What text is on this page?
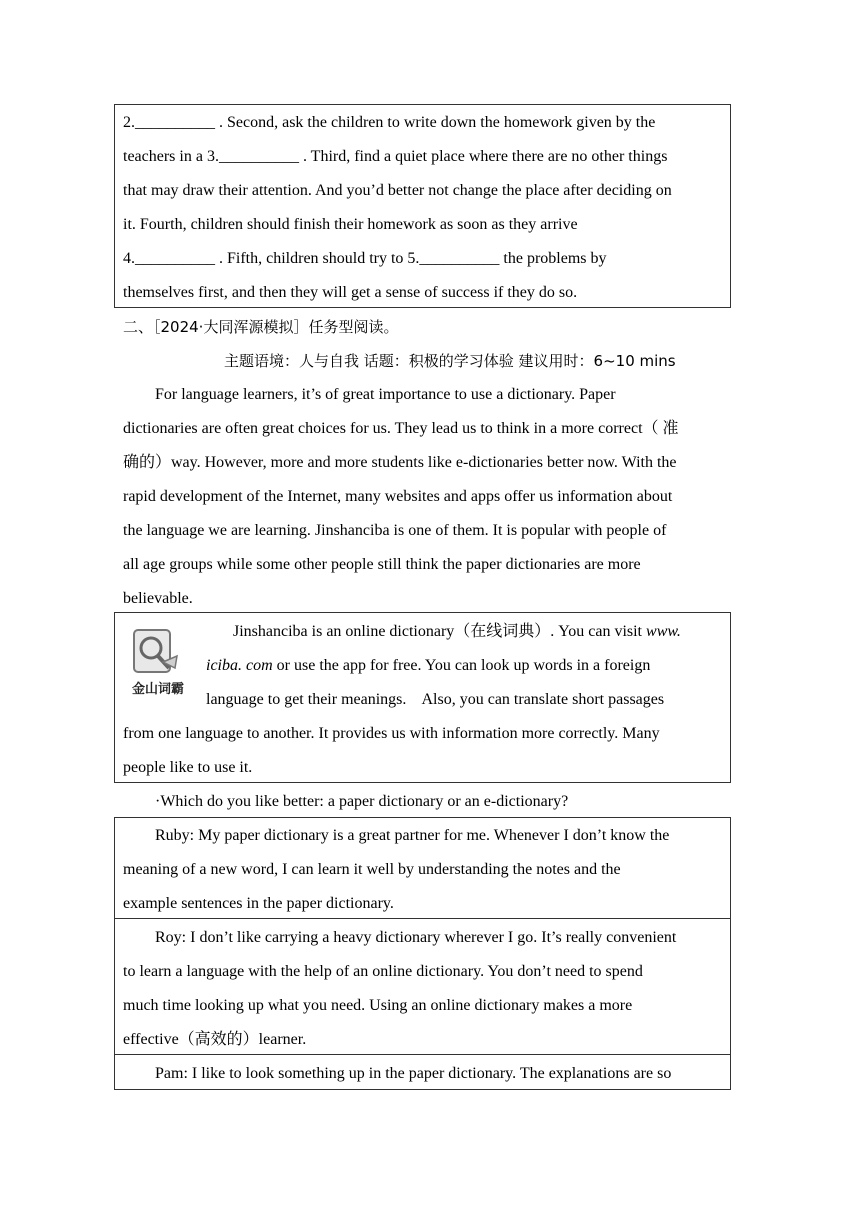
2.__________ . Second, ask the children to write down the homework given by the
teachers in a 3.__________ . Third, find a quiet place where there are no other things
that may draw their attention. And you’d better not change the place after deciding on
it. Fourth, children should finish their homework as soon as they arrive
4.__________ . Fifth, children should try to 5.__________ the problems by
themselves first, and then they will get a sense of success if they do so.
二、［2024·大同浑源模拟］任务型阅读。
主题语境：人与自我 话题：积极的学习体验 建议用时：6~10 mins
For language learners, it’s of great importance to use a dictionary. Paper
dictionaries are often great choices for us. They lead us to think in a more correct（ 准
确的）way. However, more and more students like e-dictionaries better now. With the
rapid development of the Internet, many websites and apps offer us information about
the language we are learning. Jinshanciba is one of them. It is popular with people of
all age groups while some other people still think the paper dictionaries are more
believable.
金山词霸
Jinshanciba is an online dictionary（在线词典）. You can visit www.
iciba. com or use the app for free. You can look up words in a foreign
language to get their meanings.    Also, you can translate short passages
from one language to another. It provides us with information more correctly. Many
people like to use it.
·Which do you like better: a paper dictionary or an e-dictionary?
Ruby: My paper dictionary is a great partner for me. Whenever I don’t know the
meaning of a new word, I can learn it well by understanding the notes and the
example sentences in the paper dictionary.
Roy: I don’t like carrying a heavy dictionary wherever I go. It’s really convenient
to learn a language with the help of an online dictionary. You don’t need to spend
much time looking up what you need. Using an online dictionary makes a more
effective（高效的）learner.
Pam: I like to look something up in the paper dictionary. The explanations are so
